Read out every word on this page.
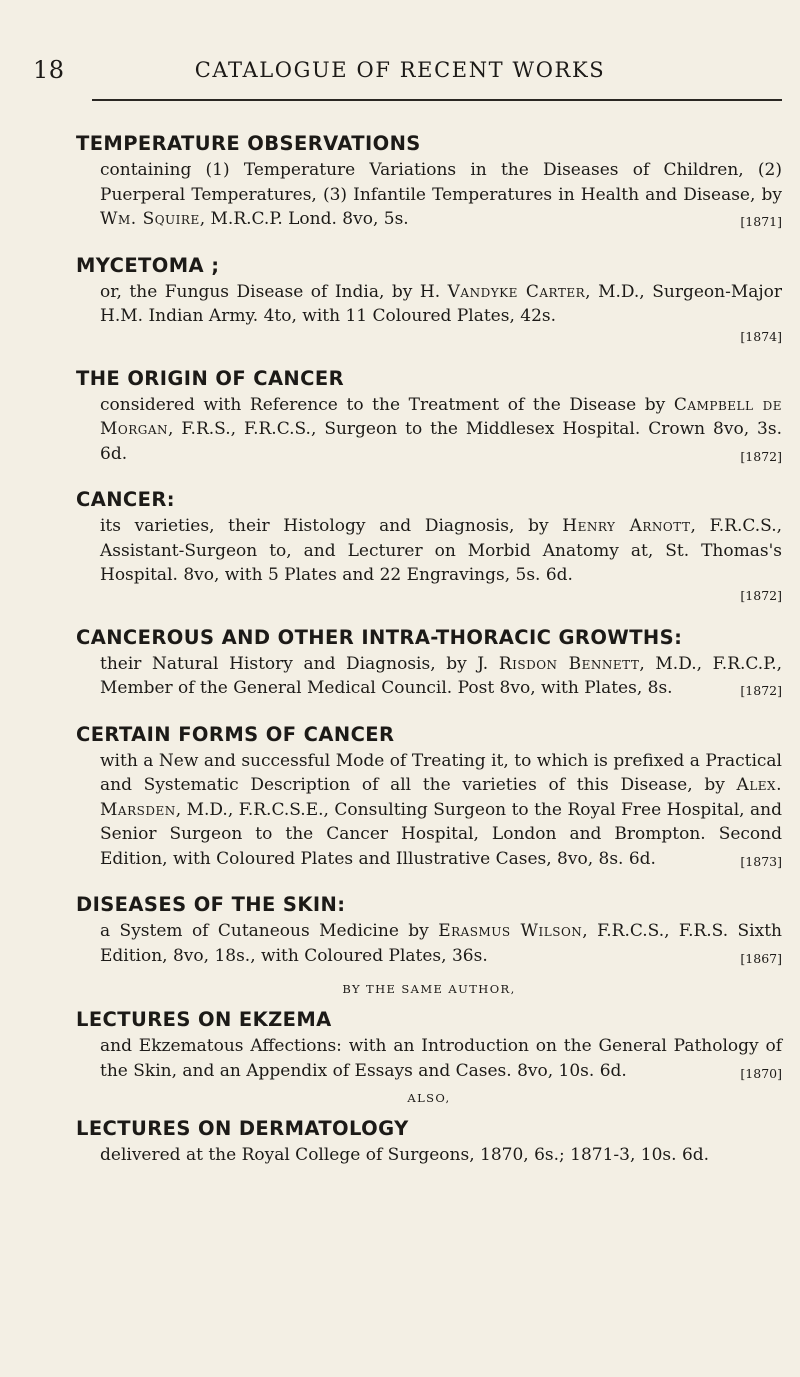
18	CATALOGUE OF RECENT WORKS

TEMPERATURE OBSERVATIONS

containing (1) Temperature Variations in the Diseases of Children, (2) Puerperal Temperatures, (3) Infantile Temperatures in Health and Disease, by Wm. Squire, M.R.C.P. Lond. 8vo, 5s.	[1871]

MYCETOMA ;

or, the Fungus Disease of India, by H. Vandyke Carter, M.D., Surgeon-Major H.M. Indian Army. 4to, with 11 Coloured Plates, 42s.
[1874]

THE ORIGIN OF CANCER

considered with Reference to the Treatment of the Disease by Campbell de Morgan, F.R.S., F.R.C.S., Surgeon to the Middlesex Hospital. Crown 8vo, 3s. 6d.	[1872]

CANCER:

its varieties, their Histology and Diagnosis, by Henry Arnott, F.R.C.S., Assistant-Surgeon to, and Lecturer on Morbid Anatomy at, St. Thomas's Hospital. 8vo, with 5 Plates and 22 Engravings, 5s. 6d.
[1872]

CANCEROUS AND OTHER INTRA-THORACIC GROWTHS:

their Natural History and Diagnosis, by J. Risdon Bennett, M.D., F.R.C.P., Member of the General Medical Council. Post 8vo, with Plates, 8s.	[1872]

CERTAIN FORMS OF CANCER

with a New and successful Mode of Treating it, to which is prefixed a Practical and Systematic Description of all the varieties of this Disease, by Alex. Marsden, M.D., F.R.C.S.E., Consulting Surgeon to the Royal Free Hospital, and Senior Surgeon to the Cancer Hospital, London and Brompton. Second Edition, with Coloured Plates and Illustrative Cases, 8vo, 8s. 6d.	[1873]

DISEASES OF THE SKIN:

a System of Cutaneous Medicine by Erasmus Wilson, F.R.C.S., F.R.S. Sixth Edition, 8vo, 18s., with Coloured Plates, 36s.	[1867]

BY THE SAME AUTHOR,

LECTURES ON EKZEMA

and Ekzematous Affections: with an Introduction on the General Pathology of the Skin, and an Appendix of Essays and Cases. 8vo, 10s. 6d.	[1870]

ALSO,

LECTURES ON DERMATOLOGY

delivered at the Royal College of Surgeons, 1870, 6s.; 1871-3, 10s. 6d.
